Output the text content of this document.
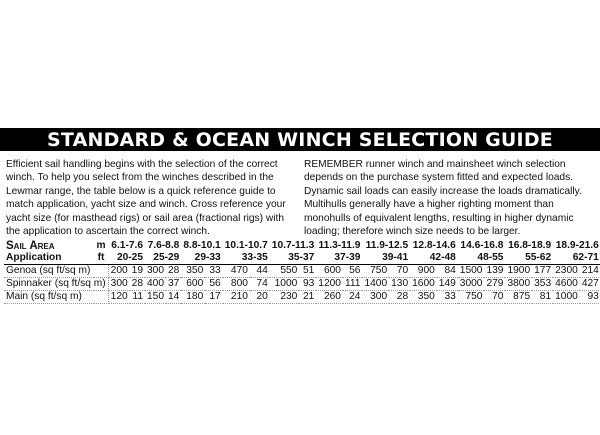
STANDARD & OCEAN WINCH SELECTION GUIDE
Efficient sail handling begins with the selection of the correct winch. To help you select from the winches described in the Lewmar range, the table below is a quick reference guide to match application, yacht size and winch. Cross reference your yacht size (for masthead rigs) or sail area (fractional rigs) with the application to ascertain the correct winch.
REMEMBER runner winch and mainsheet winch selection depends on the purchase system fitted and expected loads. Dynamic sail loads can easily increase the loads dramatically. Multihulls generally have a higher righting moment than monohulls of equivalent lengths, resulting in higher dynamic loading; therefore winch size needs to be larger.
Sail Area	m	6.1-7.6		7.6-8.8		8.8-10.1		10.1-10.7		10.7-11.3		11.3-11.9		11.9-12.5		12.8-14.6		14.6-16.8		16.8-18.9		18.9-21.6	
Application	ft	20-25		25-29		29-33		33-35		35-37		37-39		39-41		42-48		48-55		55-62		62-71	
Genoa (sq ft/sq m)		200	19	300	28	350	33	470	44	550	51	600	56	750	70	900	84	1500	139	1900	177	2300	214
Spinnaker (sq ft/sq m)		300	28	400	37	600	56	800	74	1000	93	1200	111	1400	130	1600	149	3000	279	3800	353	4600	427
Main (sq ft/sq m)		120	11	150	14	180	17	210	20	230	21	260	24	300	28	350	33	750	70	875	81	1000	93
